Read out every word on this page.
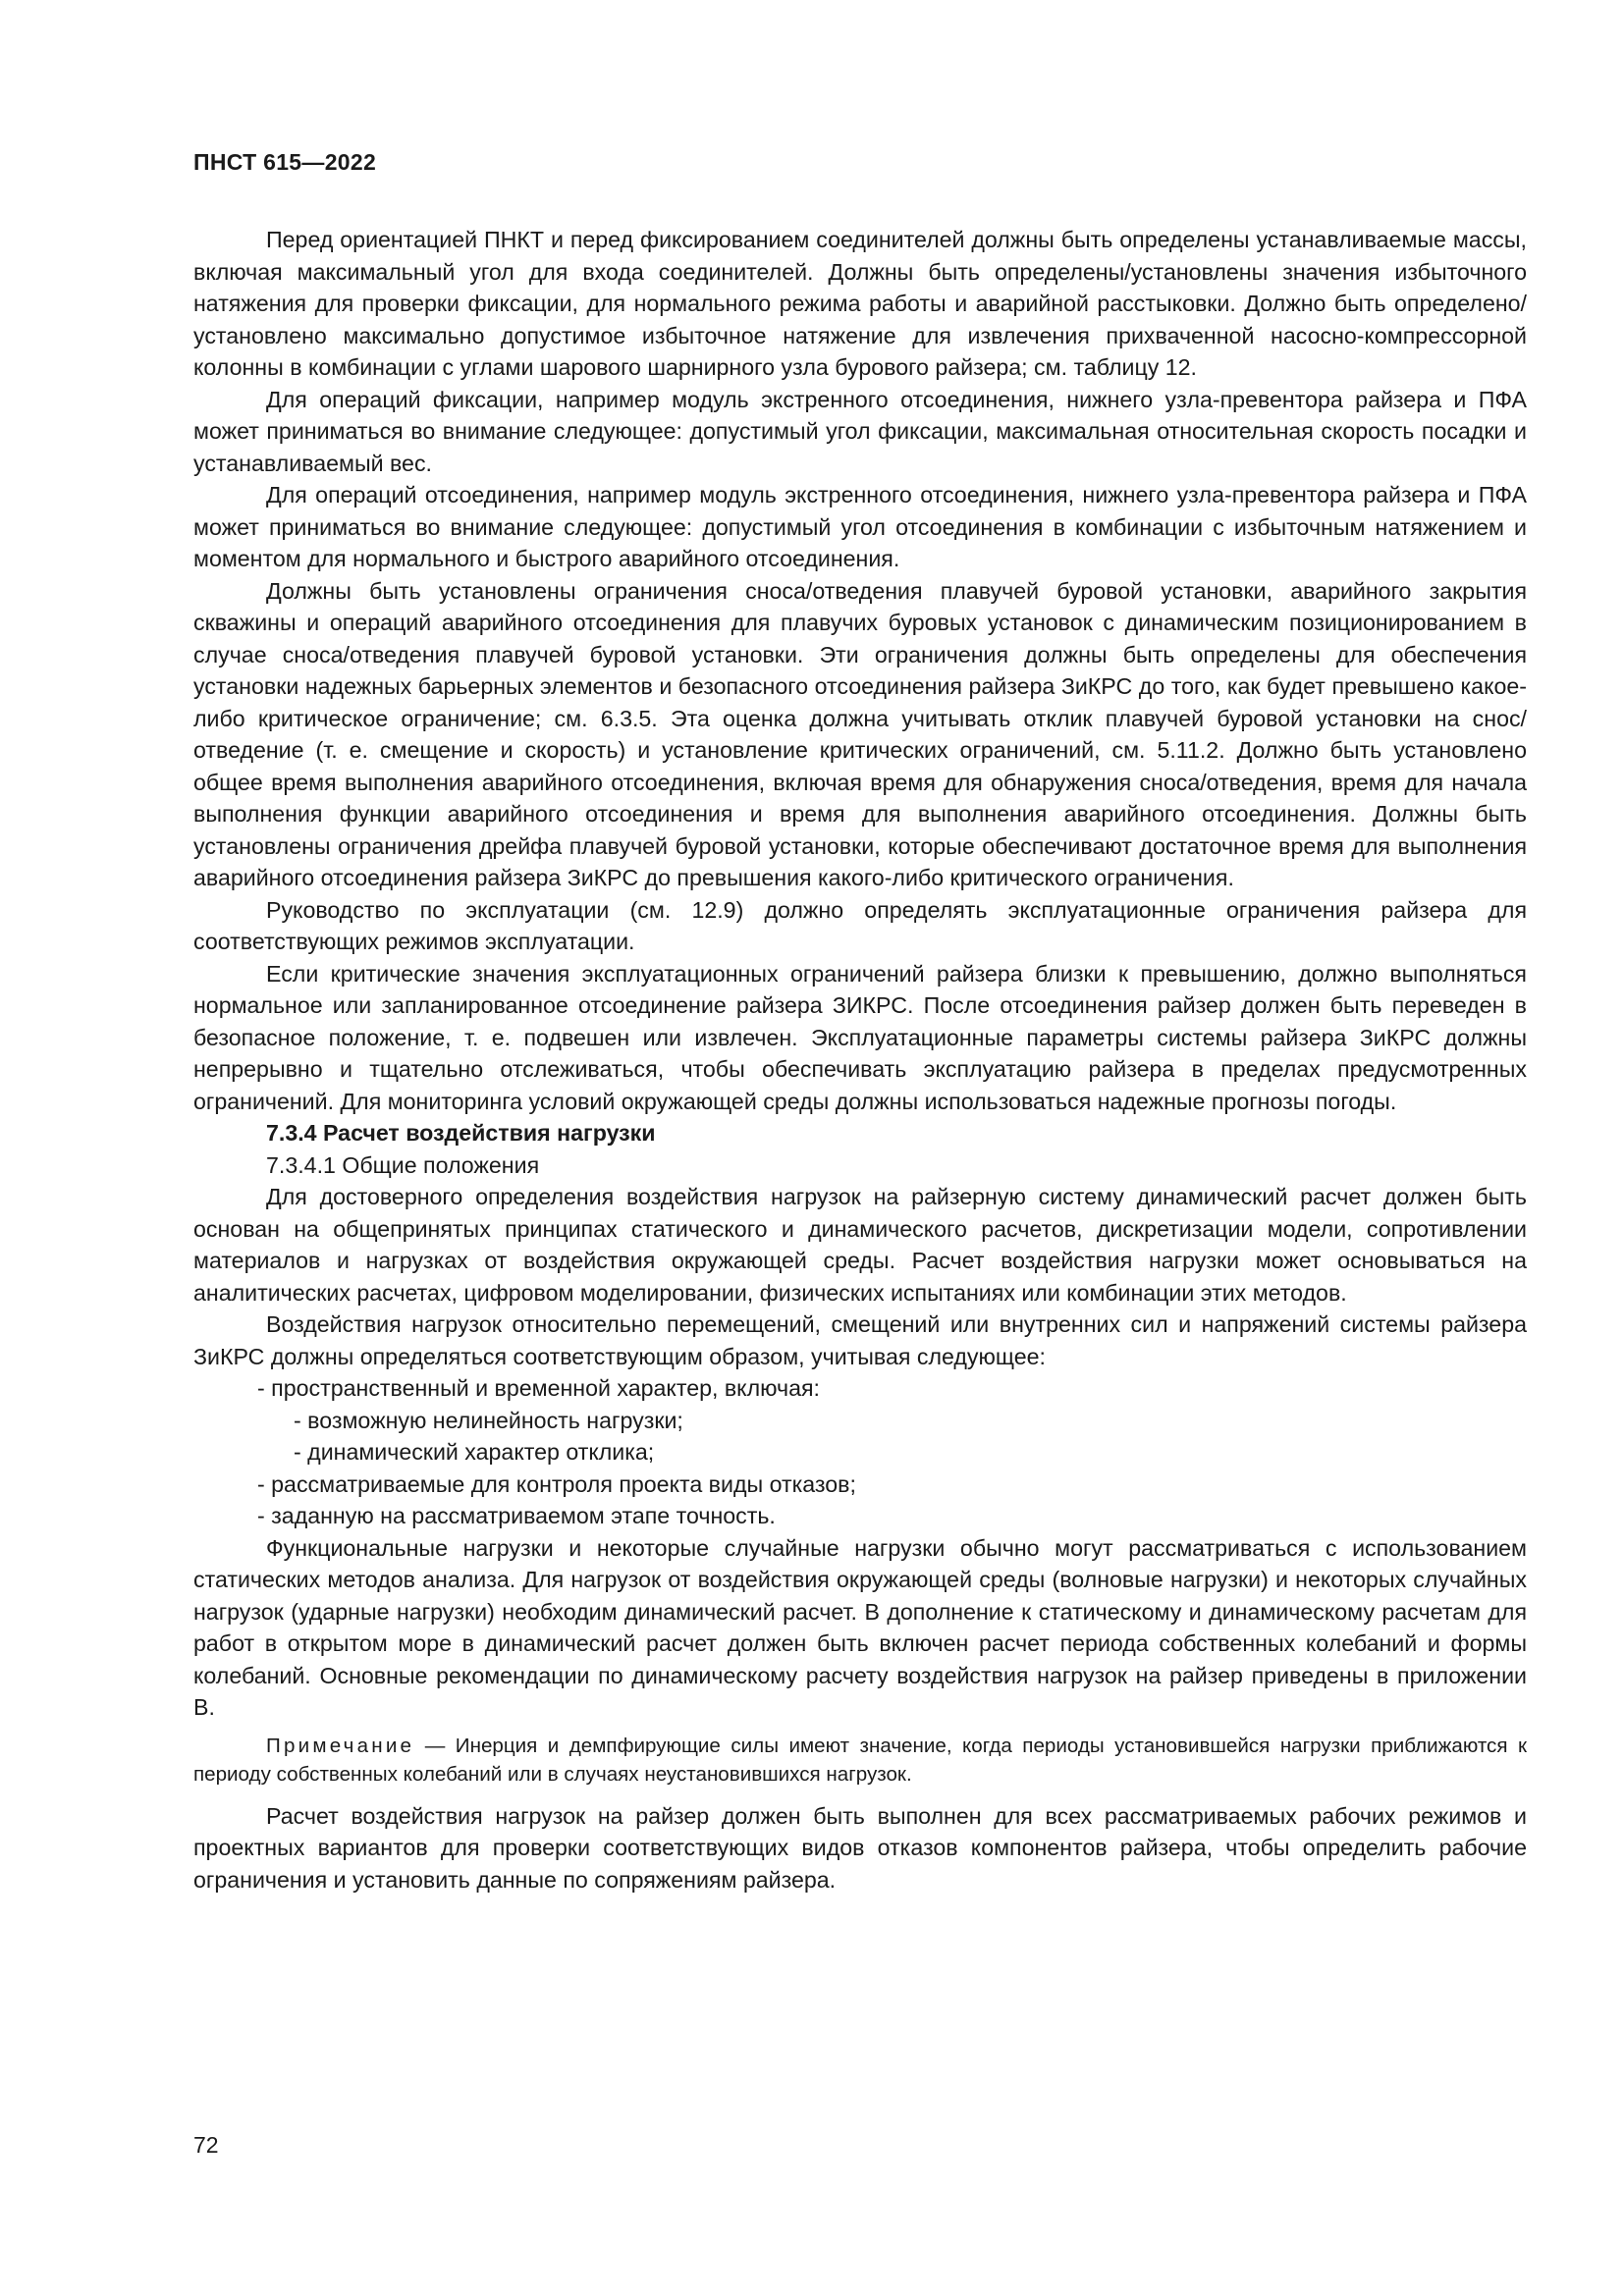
ПНСТ 615—2022

Перед ориентацией ПНКТ и перед фиксированием соединителей должны быть определены устанавливаемые массы, включая максимальный угол для входа соединителей. Должны быть определены/установлены значения избыточного натяжения для проверки фиксации, для нормального режима работы и аварийной расстыковки. Должно быть определено/установлено максимально допустимое избыточное натяжение для извлечения прихваченной насосно-компрессорной колонны в комбинации с углами шарового шарнирного узла бурового райзера; см. таблицу 12.

Для операций фиксации, например модуль экстренного отсоединения, нижнего узла-превентора райзера и ПФА может приниматься во внимание следующее: допустимый угол фиксации, максимальная относительная скорость посадки и устанавливаемый вес.

Для операций отсоединения, например модуль экстренного отсоединения, нижнего узла-превентора райзера и ПФА может приниматься во внимание следующее: допустимый угол отсоединения в комбинации с избыточным натяжением и моментом для нормального и быстрого аварийного отсоединения.

Должны быть установлены ограничения сноса/отведения плавучей буровой установки, аварийного закрытия скважины и операций аварийного отсоединения для плавучих буровых установок с динамическим позиционированием в случае сноса/отведения плавучей буровой установки. Эти ограничения должны быть определены для обеспечения установки надежных барьерных элементов и безопасного отсоединения райзера ЗиКРС до того, как будет превышено какое-либо критическое ограничение; см. 6.3.5. Эта оценка должна учитывать отклик плавучей буровой установки на снос/отведение (т. е. смещение и скорость) и установление критических ограничений, см. 5.11.2. Должно быть установлено общее время выполнения аварийного отсоединения, включая время для обнаружения сноса/отведения, время для начала выполнения функции аварийного отсоединения и время для выполнения аварийного отсоединения. Должны быть установлены ограничения дрейфа плавучей буровой установки, которые обеспечивают достаточное время для выполнения аварийного отсоединения райзера ЗиКРС до превышения какого-либо критического ограничения.

Руководство по эксплуатации (см. 12.9) должно определять эксплуатационные ограничения райзера для соответствующих режимов эксплуатации.

Если критические значения эксплуатационных ограничений райзера близки к превышению, должно выполняться нормальное или запланированное отсоединение райзера ЗИКРС. После отсоединения райзер должен быть переведен в безопасное положение, т. е. подвешен или извлечен. Эксплуатационные параметры системы райзера ЗиКРС должны непрерывно и тщательно отслеживаться, чтобы обеспечивать эксплуатацию райзера в пределах предусмотренных ограничений. Для мониторинга условий окружающей среды должны использоваться надежные прогнозы погоды.

7.3.4 Расчет воздействия нагрузки

7.3.4.1 Общие положения

Для достоверного определения воздействия нагрузок на райзерную систему динамический расчет должен быть основан на общепринятых принципах статического и динамического расчетов, дискретизации модели, сопротивлении материалов и нагрузках от воздействия окружающей среды. Расчет воздействия нагрузки может основываться на аналитических расчетах, цифровом моделировании, физических испытаниях или комбинации этих методов.

Воздействия нагрузок относительно перемещений, смещений или внутренних сил и напряжений системы райзера ЗиКРС должны определяться соответствующим образом, учитывая следующее:

- пространственный и временной характер, включая:
- возможную нелинейность нагрузки;
- динамический характер отклика;
- рассматриваемые для контроля проекта виды отказов;
- заданную на рассматриваемом этапе точность.

Функциональные нагрузки и некоторые случайные нагрузки обычно могут рассматриваться с использованием статических методов анализа. Для нагрузок от воздействия окружающей среды (волновые нагрузки) и некоторых случайных нагрузок (ударные нагрузки) необходим динамический расчет. В дополнение к статическому и динамическому расчетам для работ в открытом море в динамический расчет должен быть включен расчет периода собственных колебаний и формы колебаний. Основные рекомендации по динамическому расчету воздействия нагрузок на райзер приведены в приложении В.

Примечание — Инерция и демпфирующие силы имеют значение, когда периоды установившейся нагрузки приближаются к периоду собственных колебаний или в случаях неустановившихся нагрузок.

Расчет воздействия нагрузок на райзер должен быть выполнен для всех рассматриваемых рабочих режимов и проектных вариантов для проверки соответствующих видов отказов компонентов райзера, чтобы определить рабочие ограничения и установить данные по сопряжениям райзера.

72
